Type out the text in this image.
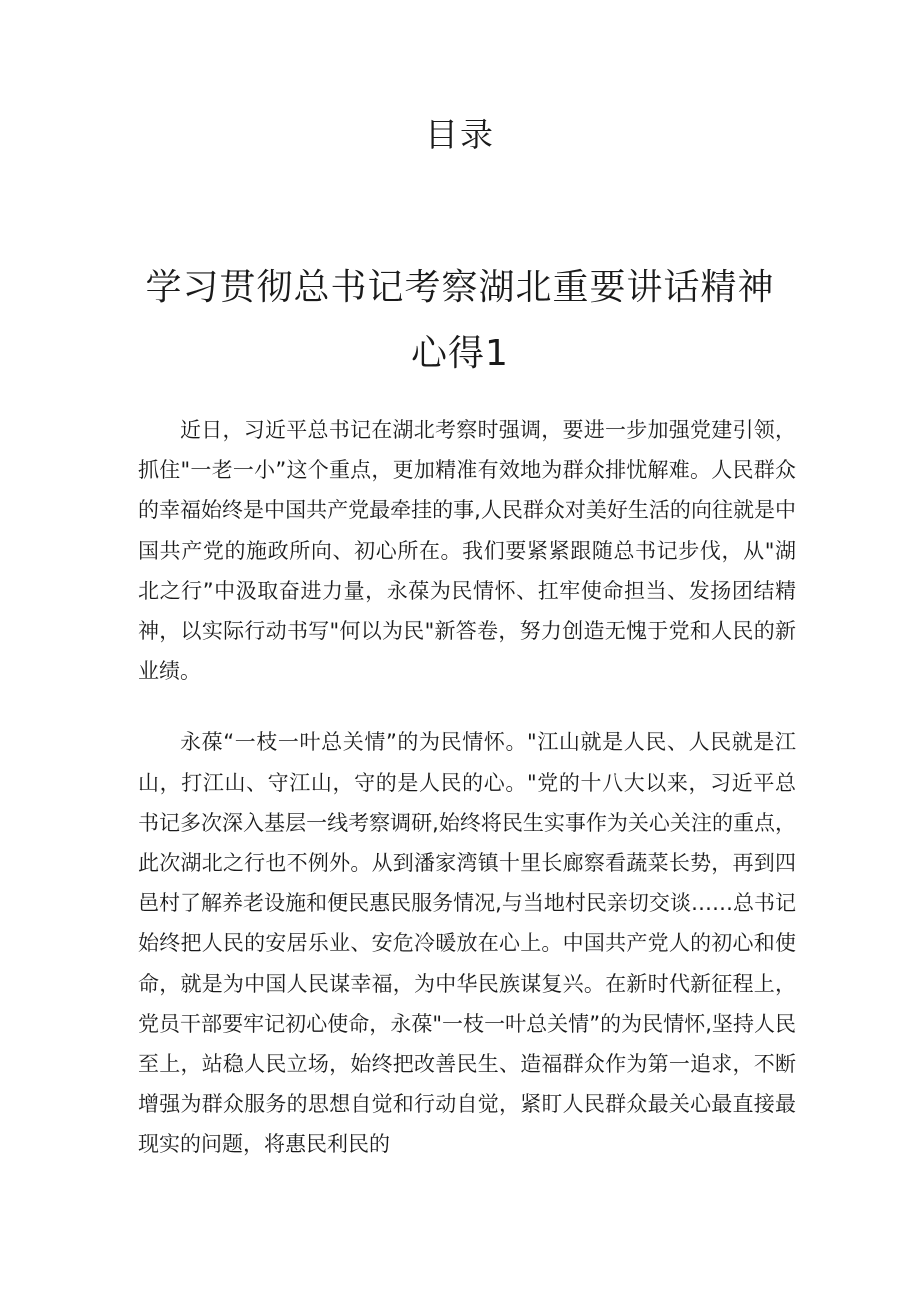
目录
学习贯彻总书记考察湖北重要讲话精神心得1

近日，习近平总书记在湖北考察时强调，要进一步加强党建引领，抓住"一老一小”这个重点，更加精准有效地为群众排忧解难。人民群众的幸福始终是中国共产党最牵挂的事,人民群众对美好生活的向往就是中国共产党的施政所向、初心所在。我们要紧紧跟随总书记步伐，从"湖北之行”中汲取奋进力量，永葆为民情怀、扛牢使命担当、发扬团结精神，以实际行动书写"何以为民"新答卷，努力创造无愧于党和人民的新业绩。

永葆“一枝一叶总关情”的为民情怀。"江山就是人民、人民就是江山，打江山、守江山，守的是人民的心。"党的十八大以来，习近平总书记多次深入基层一线考察调研,始终将民生实事作为关心关注的重点，此次湖北之行也不例外。从到潘家湾镇十里长廊察看蔬菜长势，再到四邑村了解养老设施和便民惠民服务情况,与当地村民亲切交谈……总书记始终把人民的安居乐业、安危冷暖放在心上。中国共产党人的初心和使命，就是为中国人民谋幸福，为中华民族谋复兴。在新时代新征程上，党员干部要牢记初心使命，永葆"一枝一叶总关情”的为民情怀,坚持人民至上，站稳人民立场，始终把改善民生、造福群众作为第一追求，不断增强为群众服务的思想自觉和行动自觉，紧盯人民群众最关心最直接最现实的问题，将惠民利民的
